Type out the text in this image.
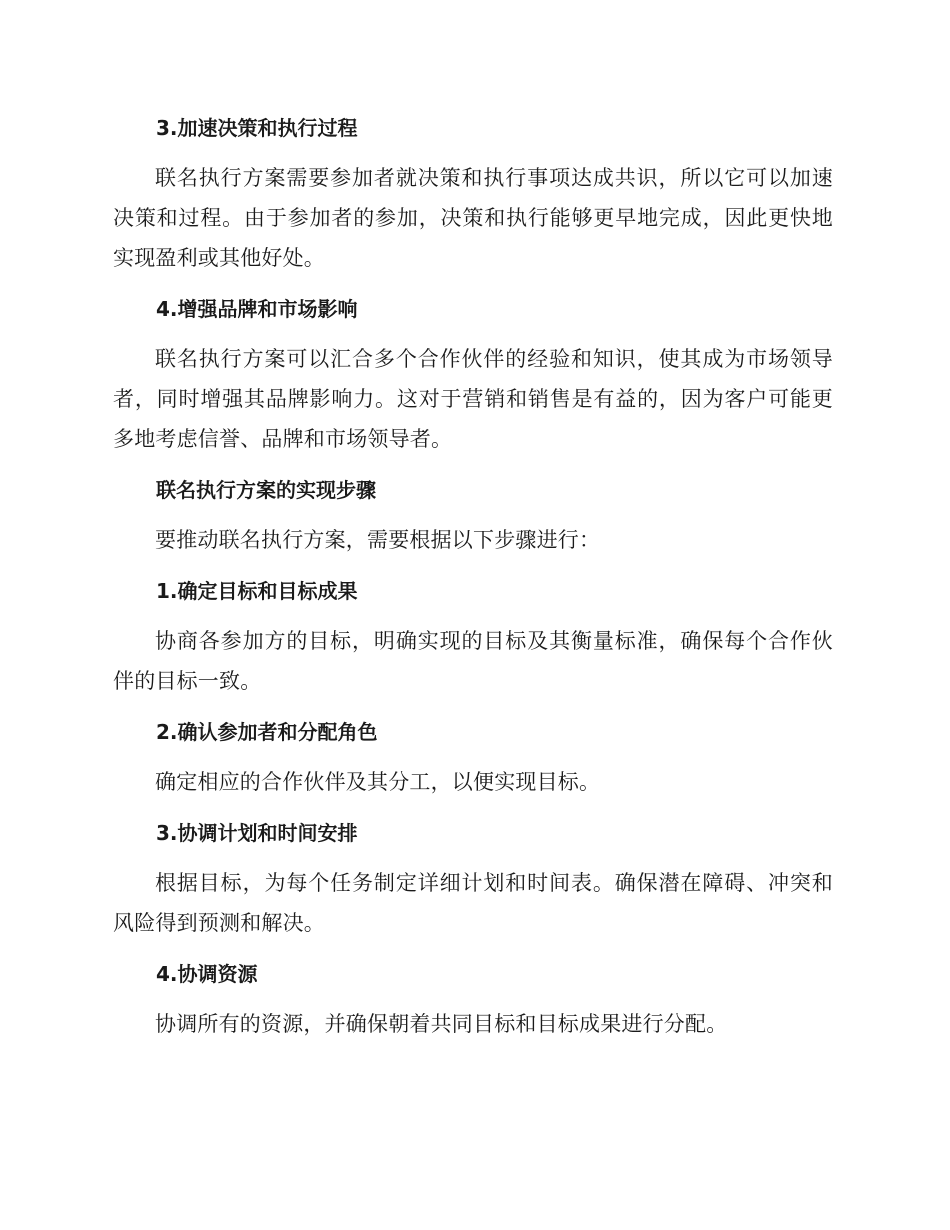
3.加速决策和执行过程

联名执行方案需要参加者就决策和执行事项达成共识，所以它可以加速决策和过程。由于参加者的参加，决策和执行能够更早地完成，因此更快地实现盈利或其他好处。

4.增强品牌和市场影响

联名执行方案可以汇合多个合作伙伴的经验和知识，使其成为市场领导者，同时增强其品牌影响力。这对于营销和销售是有益的，因为客户可能更多地考虑信誉、品牌和市场领导者。

联名执行方案的实现步骤

要推动联名执行方案，需要根据以下步骤进行：

1.确定目标和目标成果

协商各参加方的目标，明确实现的目标及其衡量标准，确保每个合作伙伴的目标一致。

2.确认参加者和分配角色

确定相应的合作伙伴及其分工，以便实现目标。

3.协调计划和时间安排

根据目标，为每个任务制定详细计划和时间表。确保潜在障碍、冲突和风险得到预测和解决。

4.协调资源

协调所有的资源，并确保朝着共同目标和目标成果进行分配。
